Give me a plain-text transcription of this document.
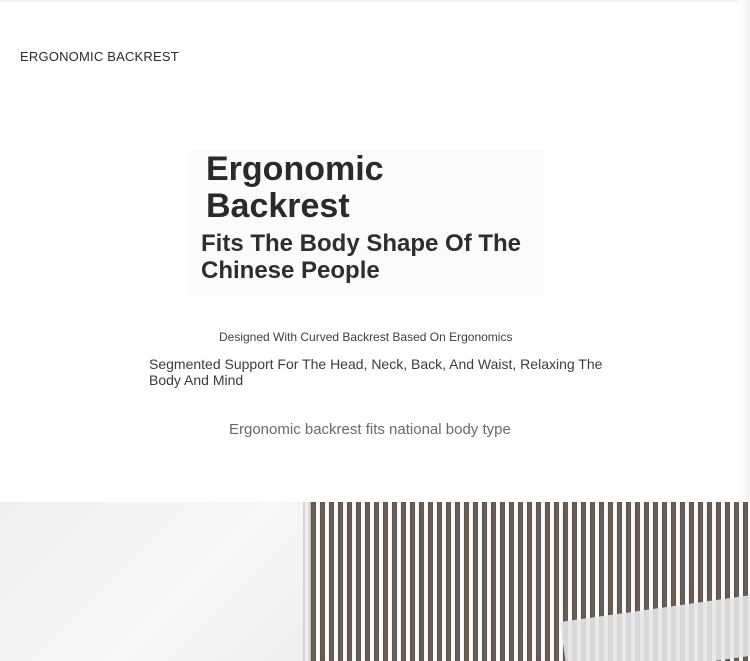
ERGONOMIC BACKREST
Ergonomic Backrest
Fits The Body Shape Of The Chinese People
Designed With Curved Backrest Based On Ergonomics
Segmented Support For The Head, Neck, Back, And Waist, Relaxing The Body And Mind
Ergonomic backrest fits national body type
